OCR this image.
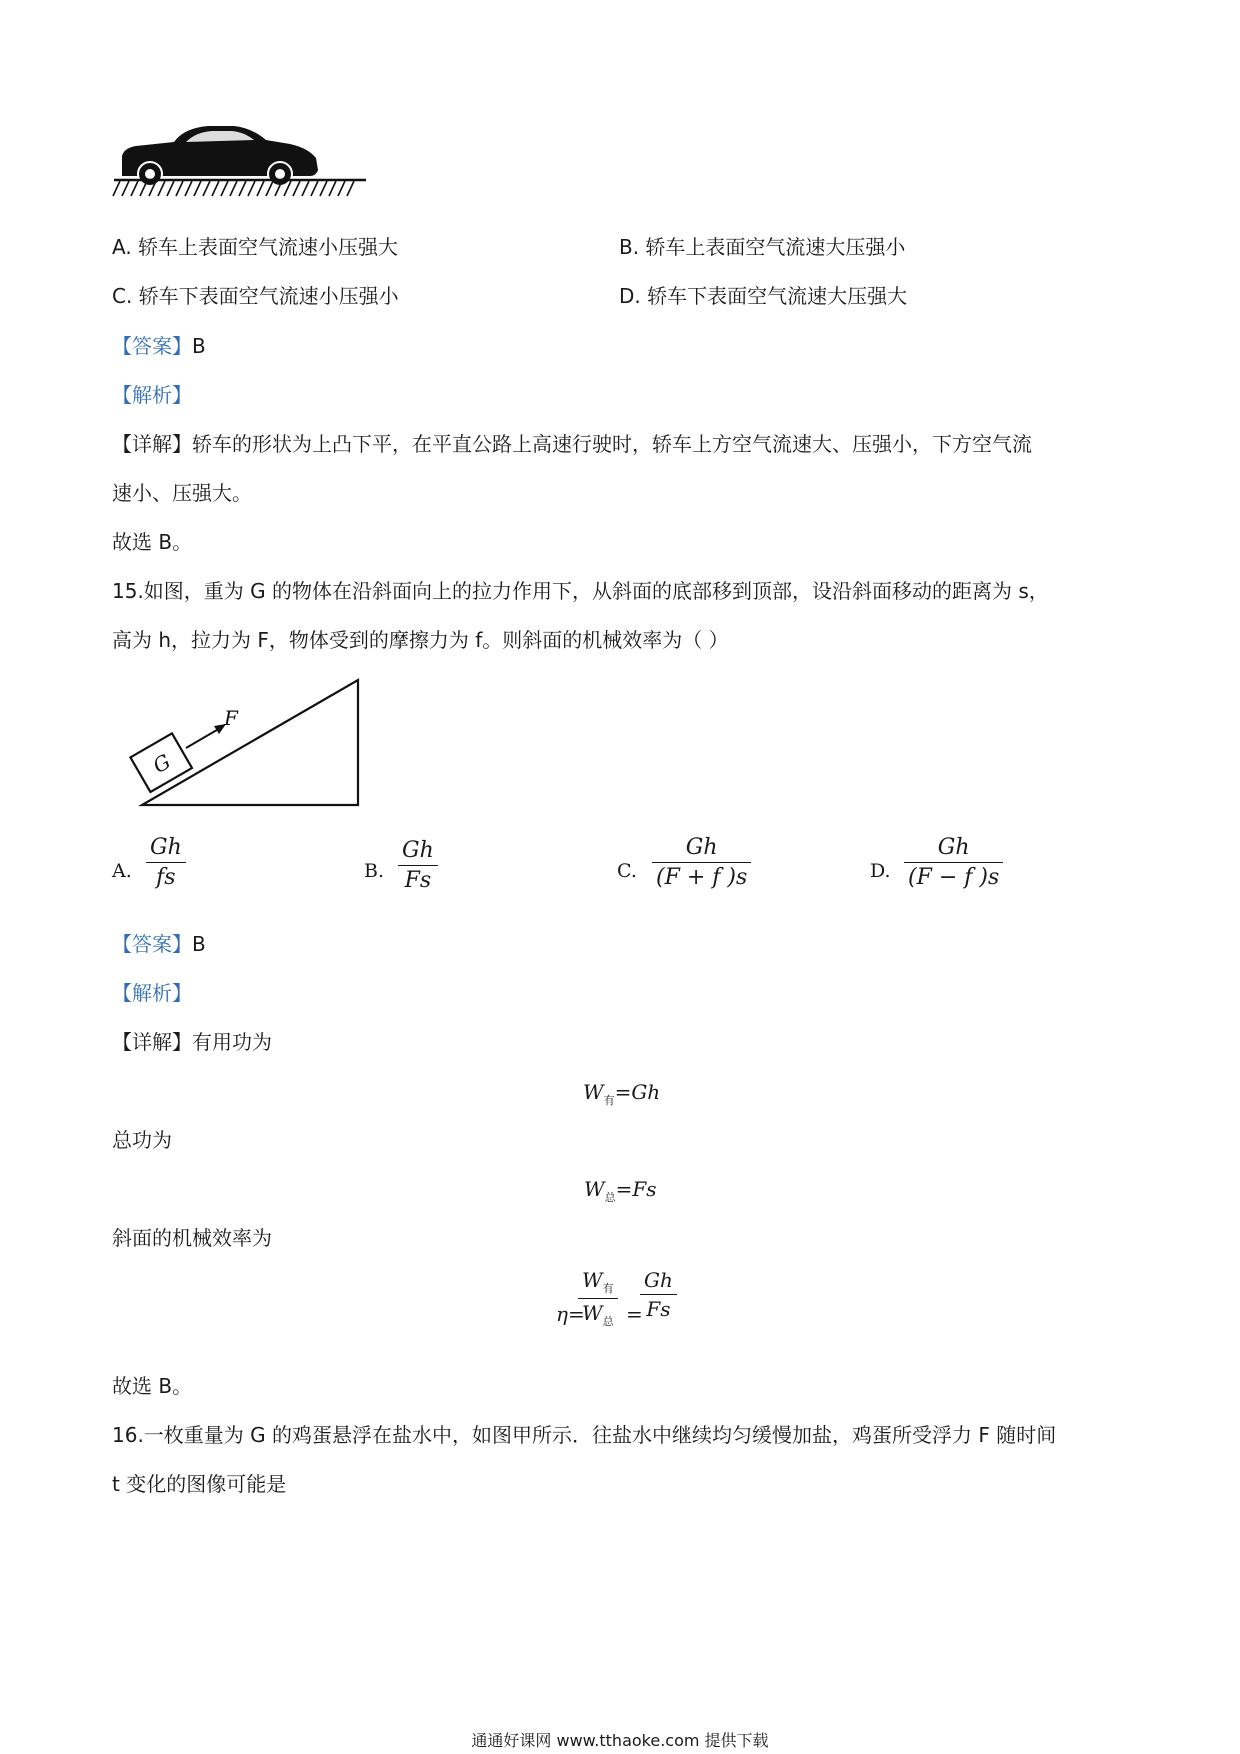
A. 轿车上表面空气流速小压强大	B. 轿车上表面空气流速大压强小
C. 轿车下表面空气流速小压强小	D. 轿车下表面空气流速大压强大
【答案】B
【解析】
【详解】轿车的形状为上凸下平，在平直公路上高速行驶时，轿车上方空气流速大、压强小，下方空气流
速小、压强大。
故选 B。
15.如图，重为 G 的物体在沿斜面向上的拉力作用下，从斜面的底部移到顶部，设沿斜面移动的距离为 s，
高为 h，拉力为 F，物体受到的摩擦力为 f。则斜面的机械效率为（ ）
G
F
A.
Gh
fs	B.
Gh
Fs	C.
Gh
(F + f )s	D.
Gh
(F − f )s
【答案】B
【解析】
【详解】有用功为
$W_有=Gh$
总功为
$W_总=Fs$
斜面的机械效率为
η=
$W_有$
$W_总$ =
Gh
Fs
故选 B。
16.一枚重量为 G 的鸡蛋悬浮在盐水中，如图甲所示．往盐水中继续均匀缓慢加盐，鸡蛋所受浮力 F 随时间
t 变化的图像可能是
通通好课网 www.tthaoke.com 提供下载
